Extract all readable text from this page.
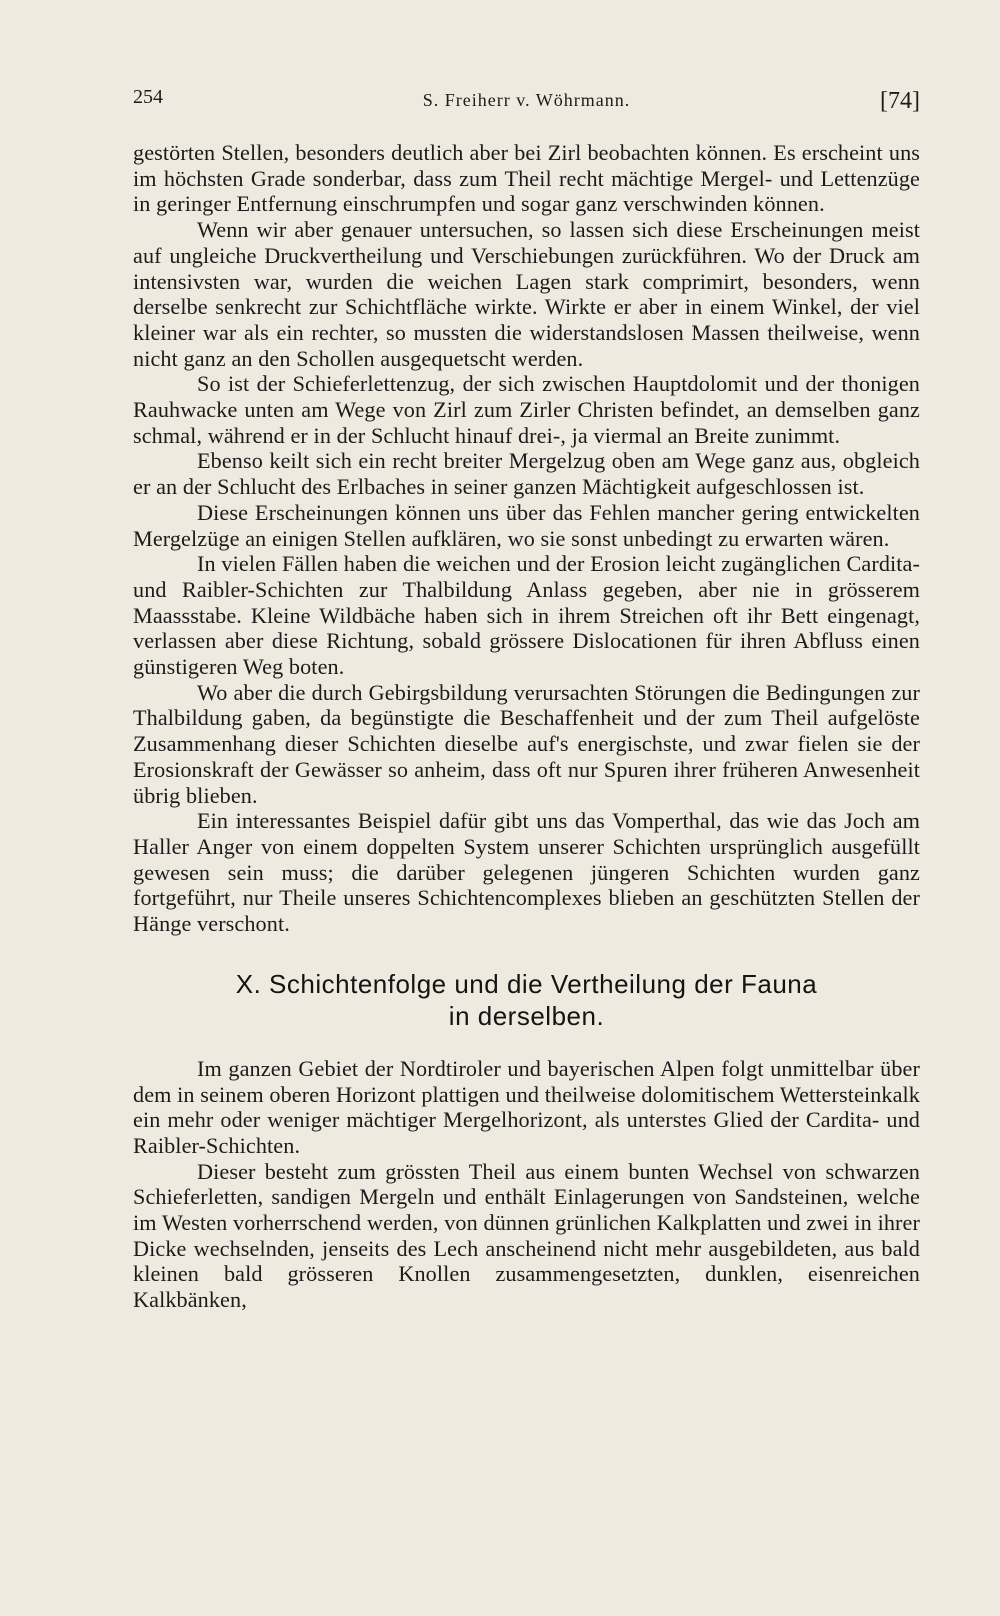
254	S. Freiherr v. Wöhrmann.	[74]

gestörten Stellen, besonders deutlich aber bei Zirl beobachten können. Es erscheint uns im höchsten Grade sonderbar, dass zum Theil recht mächtige Mergel- und Lettenzüge in geringer Entfernung einschrumpfen und sogar ganz verschwinden können.

Wenn wir aber genauer untersuchen, so lassen sich diese Erscheinungen meist auf ungleiche Druckvertheilung und Verschiebungen zurückführen. Wo der Druck am intensivsten war, wurden die weichen Lagen stark comprimirt, besonders, wenn derselbe senkrecht zur Schichtfläche wirkte. Wirkte er aber in einem Winkel, der viel kleiner war als ein rechter, so mussten die widerstandslosen Massen theilweise, wenn nicht ganz an den Schollen ausgequetscht werden.

So ist der Schieferlettenzug, der sich zwischen Hauptdolomit und der thonigen Rauhwacke unten am Wege von Zirl zum Zirler Christen befindet, an demselben ganz schmal, während er in der Schlucht hinauf drei-, ja viermal an Breite zunimmt.

Ebenso keilt sich ein recht breiter Mergelzug oben am Wege ganz aus, obgleich er an der Schlucht des Erlbaches in seiner ganzen Mächtigkeit aufgeschlossen ist.

Diese Erscheinungen können uns über das Fehlen mancher gering entwickelten Mergelzüge an einigen Stellen aufklären, wo sie sonst unbedingt zu erwarten wären.

In vielen Fällen haben die weichen und der Erosion leicht zugänglichen Cardita- und Raibler-Schichten zur Thalbildung Anlass gegeben, aber nie in grösserem Maassstabe. Kleine Wildbäche haben sich in ihrem Streichen oft ihr Bett eingenagt, verlassen aber diese Richtung, sobald grössere Dislocationen für ihren Abfluss einen günstigeren Weg boten.

Wo aber die durch Gebirgsbildung verursachten Störungen die Bedingungen zur Thalbildung gaben, da begünstigte die Beschaffenheit und der zum Theil aufgelöste Zusammenhang dieser Schichten dieselbe auf's energischste, und zwar fielen sie der Erosionskraft der Gewässer so anheim, dass oft nur Spuren ihrer früheren Anwesenheit übrig blieben.

Ein interessantes Beispiel dafür gibt uns das Vomperthal, das wie das Joch am Haller Anger von einem doppelten System unserer Schichten ursprünglich ausgefüllt gewesen sein muss; die darüber gelegenen jüngeren Schichten wurden ganz fortgeführt, nur Theile unseres Schichtencomplexes blieben an geschützten Stellen der Hänge verschont.

X. Schichtenfolge und die Vertheilung der Fauna
in derselben.

Im ganzen Gebiet der Nordtiroler und bayerischen Alpen folgt unmittelbar über dem in seinem oberen Horizont plattigen und theilweise dolomitischem Wettersteinkalk ein mehr oder weniger mächtiger Mergelhorizont, als unterstes Glied der Cardita- und Raibler-Schichten.

Dieser besteht zum grössten Theil aus einem bunten Wechsel von schwarzen Schieferletten, sandigen Mergeln und enthält Einlagerungen von Sandsteinen, welche im Westen vorherrschend werden, von dünnen grünlichen Kalkplatten und zwei in ihrer Dicke wechselnden, jenseits des Lech anscheinend nicht mehr ausgebildeten, aus bald kleinen bald grösseren Knollen zusammengesetzten, dunklen, eisenreichen Kalkbänken,
